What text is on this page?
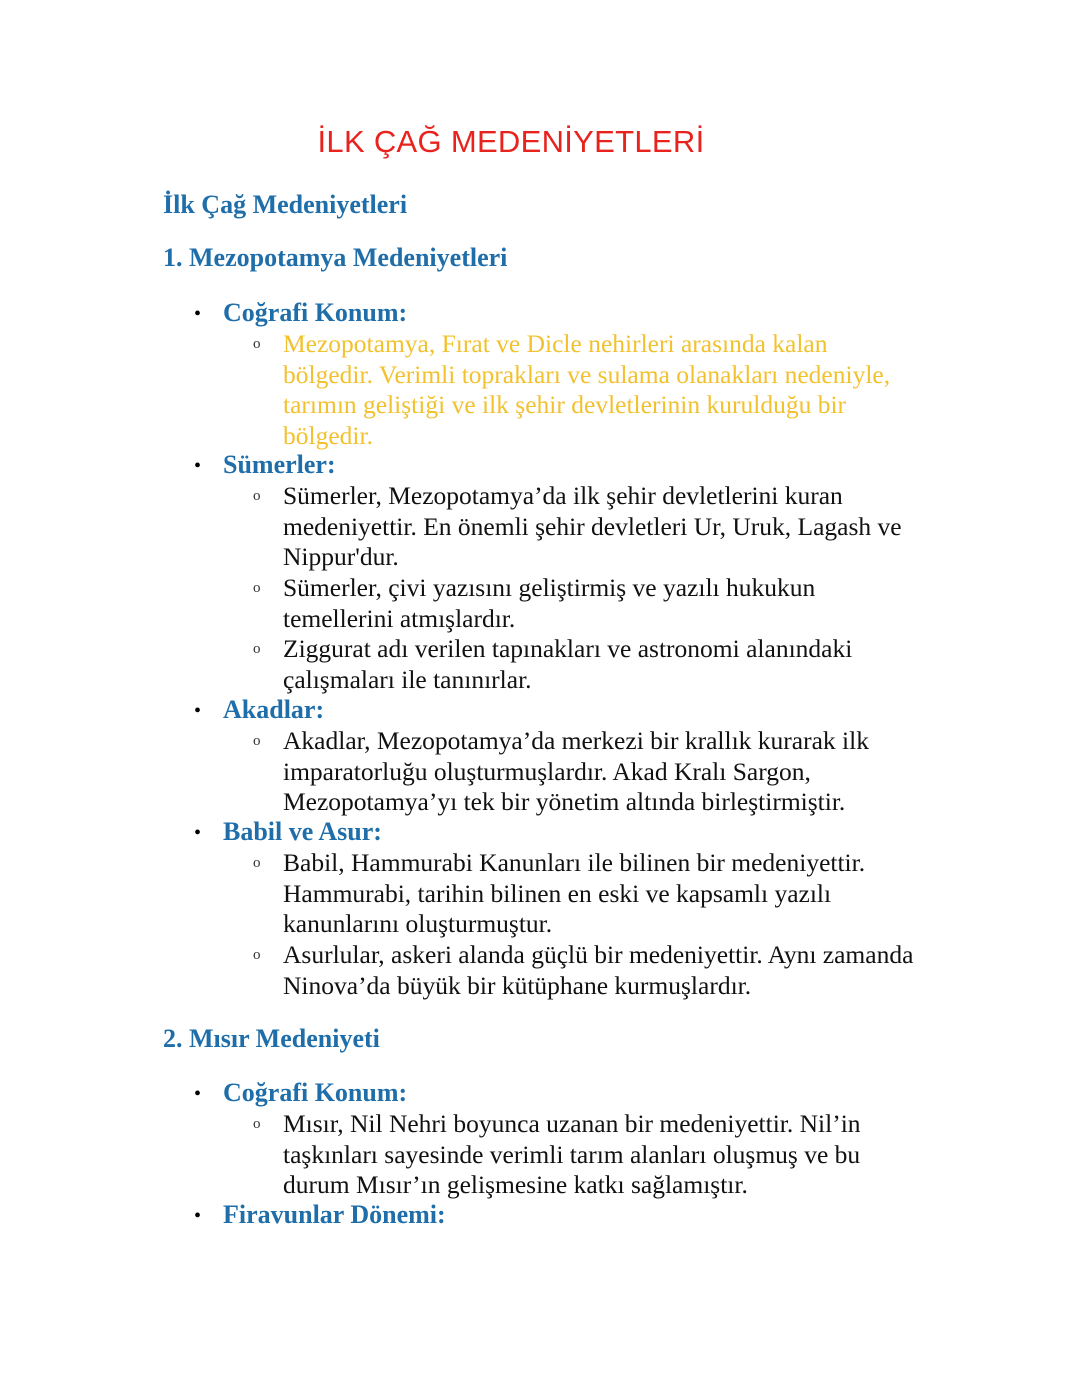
İLK ÇAĞ MEDENİYETLERİ
İlk Çağ Medeniyetleri
1. Mezopotamya Medeniyetleri
• Coğrafi Konum:
o Mezopotamya, Fırat ve Dicle nehirleri arasında kalan bölgedir. Verimli toprakları ve sulama olanakları nedeniyle, tarımın geliştiği ve ilk şehir devletlerinin kurulduğu bir bölgedir.
• Sümerler:
o Sümerler, Mezopotamya’da ilk şehir devletlerini kuran medeniyettir. En önemli şehir devletleri Ur, Uruk, Lagash ve Nippur'dur.
o Sümerler, çivi yazısını geliştirmiş ve yazılı hukukun temellerini atmışlardır.
o Ziggurat adı verilen tapınakları ve astronomi alanındaki çalışmaları ile tanınırlar.
• Akadlar:
o Akadlar, Mezopotamya’da merkezi bir krallık kurarak ilk imparatorluğu oluşturmuşlardır. Akad Kralı Sargon, Mezopotamya’yı tek bir yönetim altında birleştirmiştir.
• Babil ve Asur:
o Babil, Hammurabi Kanunları ile bilinen bir medeniyettir. Hammurabi, tarihin bilinen en eski ve kapsamlı yazılı kanunlarını oluşturmuştur.
o Asurlular, askeri alanda güçlü bir medeniyettir. Aynı zamanda Ninova’da büyük bir kütüphane kurmuşlardır.
2. Mısır Medeniyeti
• Coğrafi Konum:
o Mısır, Nil Nehri boyunca uzanan bir medeniyettir. Nil’in taşkınları sayesinde verimli tarım alanları oluşmuş ve bu durum Mısır’ın gelişmesine katkı sağlamıştır.
• Firavunlar Dönemi:
